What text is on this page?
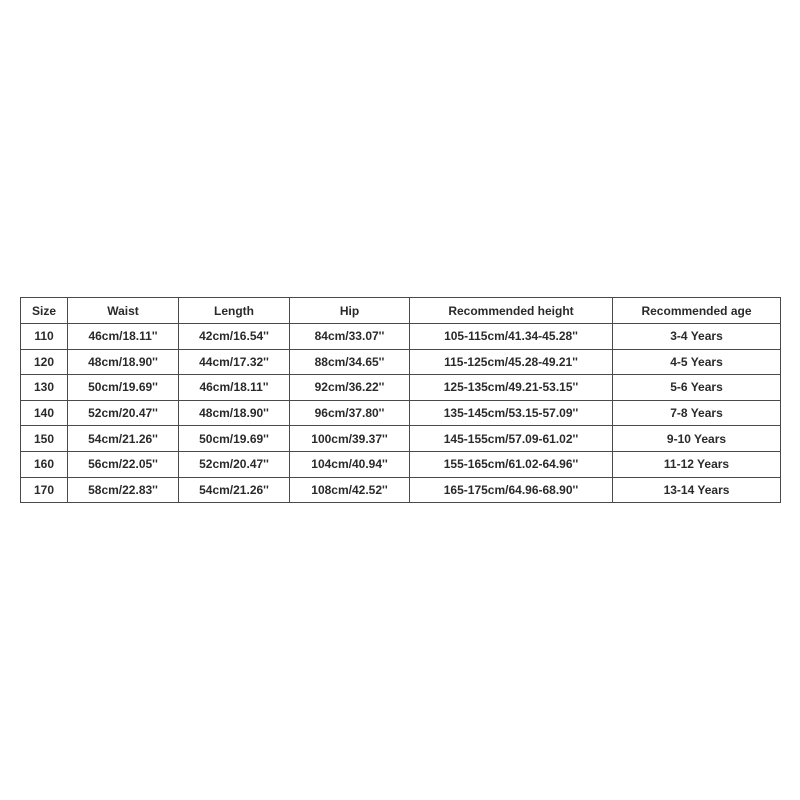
Size	Waist	Length	Hip	Recommended height	Recommended age
110	46cm/18.11''	42cm/16.54''	84cm/33.07''	105-115cm/41.34-45.28''	3-4 Years
120	48cm/18.90''	44cm/17.32''	88cm/34.65''	115-125cm/45.28-49.21''	4-5 Years
130	50cm/19.69''	46cm/18.11''	92cm/36.22''	125-135cm/49.21-53.15''	5-6 Years
140	52cm/20.47''	48cm/18.90''	96cm/37.80''	135-145cm/53.15-57.09''	7-8 Years
150	54cm/21.26''	50cm/19.69''	100cm/39.37''	145-155cm/57.09-61.02''	9-10 Years
160	56cm/22.05''	52cm/20.47''	104cm/40.94''	155-165cm/61.02-64.96''	11-12 Years
170	58cm/22.83''	54cm/21.26''	108cm/42.52''	165-175cm/64.96-68.90''	13-14 Years
